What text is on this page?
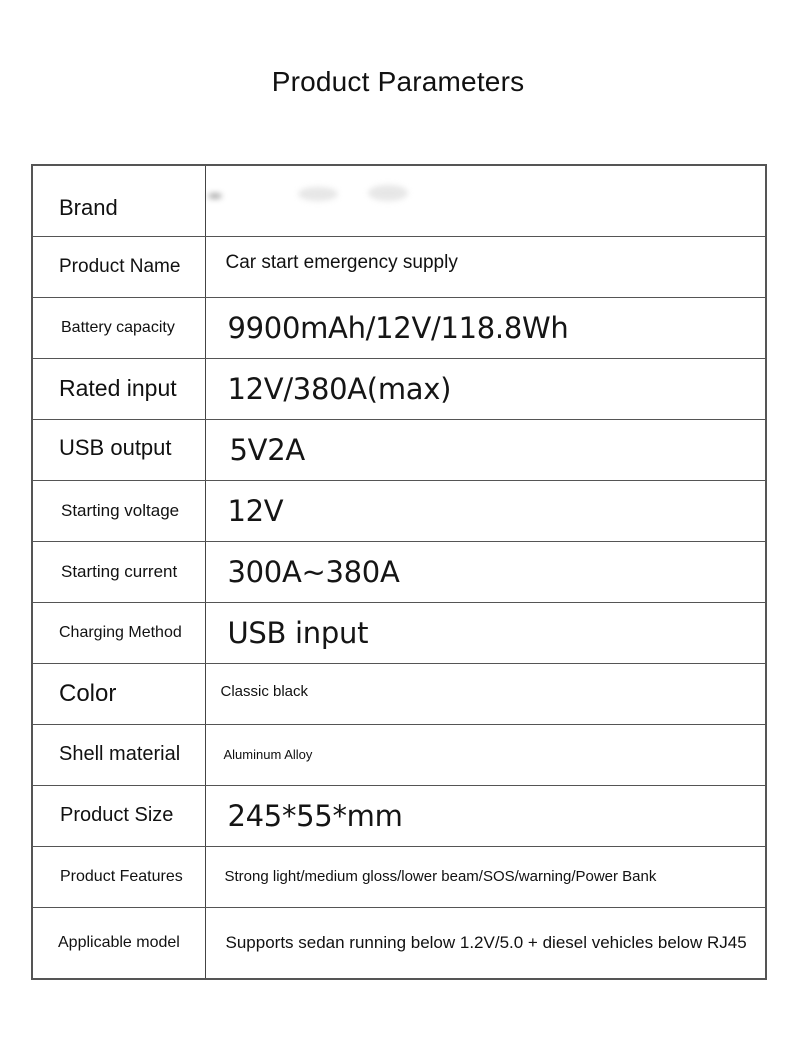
Product Parameters
Brand	

Product Name	Car start emergency supply
Battery capacity	9900mAh/12V/118.8Wh
Rated input	12V/380A(max)
USB output	5V2A
Starting voltage	12V
Starting current	300A~380A
Charging Method	USB input
Color	Classic black
Shell material	Aluminum Alloy
Product Size	245*55*mm
Product Features	Strong light/medium gloss/lower beam/SOS/warning/Power Bank
Applicable model	Supports sedan running below 1.2V/5.0 + diesel vehicles below RJ45
